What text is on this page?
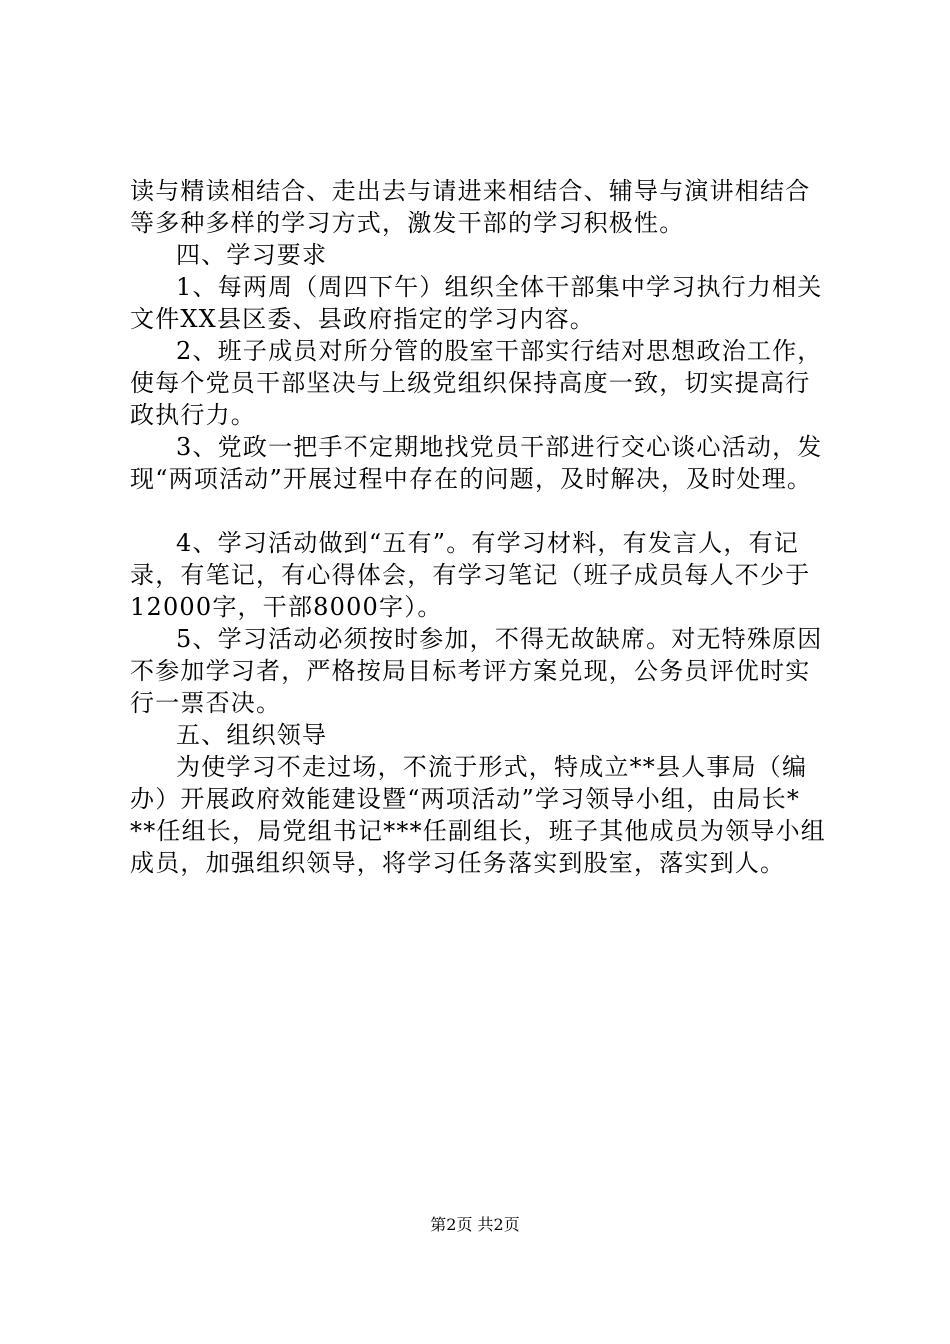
读与精读相结合、走出去与请进来相结合、辅导与演讲相结合
等多种多样的学习方式，激发干部的学习积极性。
四、学习要求
1、每两周（周四下午）组织全体干部集中学习执行力相关
文件XX县区委、县政府指定的学习内容。
2、班子成员对所分管的股室干部实行结对思想政治工作，
使每个党员干部坚决与上级党组织保持高度一致，切实提高行
政执行力。
3、党政一把手不定期地找党员干部进行交心谈心活动，发
现“两项活动”开展过程中存在的问题，及时解决，及时处理。
4、学习活动做到“五有”。有学习材料，有发言人，有记
录，有笔记，有心得体会，有学习笔记（班子成员每人不少于
12000字，干部8000字）。
5、学习活动必须按时参加，不得无故缺席。对无特殊原因
不参加学习者，严格按局目标考评方案兑现，公务员评优时实
行一票否决。
五、组织领导
为使学习不走过场，不流于形式，特成立**县人事局（编
办）开展政府效能建设暨“两项活动”学习领导小组，由局长*
**任组长，局党组书记***任副组长，班子其他成员为领导小组
成员，加强组织领导，将学习任务落实到股室，落实到人。
第2页 共2页
